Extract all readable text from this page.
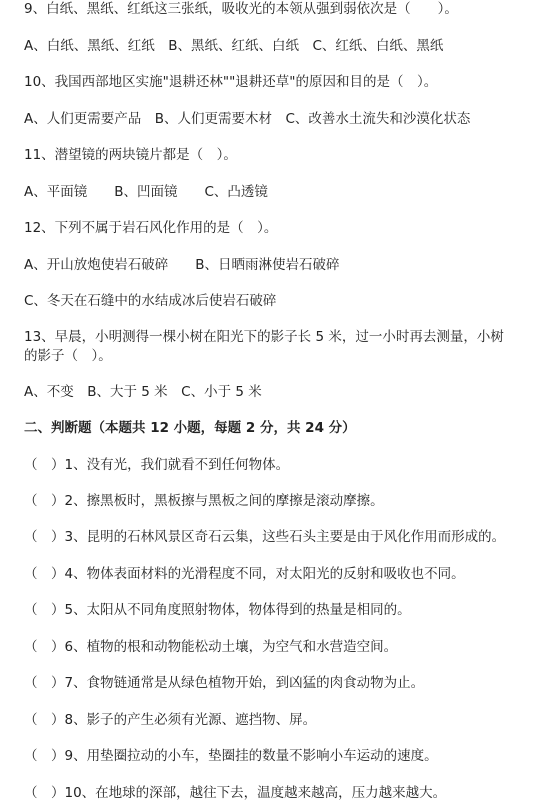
9、白纸、黑纸、红纸这三张纸，吸收光的本领从强到弱依次是（　　）。
A、白纸、黑纸、红纸　B、黑纸、红纸、白纸　C、红纸、白纸、黑纸
10、我国西部地区实施"退耕还林""退耕还草"的原因和目的是（　）。
A、人们更需要产品　B、人们更需要木材　C、改善水土流失和沙漠化状态
11、潜望镜的两块镜片都是（　）。
A、平面镜　　B、凹面镜　　C、凸透镜
12、下列不属于岩石风化作用的是（　）。
A、开山放炮使岩石破碎　　B、日晒雨淋使岩石破碎
C、冬天在石缝中的水结成冰后使岩石破碎
13、早晨，小明测得一棵小树在阳光下的影子长 5 米，过一小时再去测量，小树的影子（　）。
A、不变　B、大于 5 米　C、小于 5 米
二、判断题（本题共 12 小题，每题 2 分，共 24 分）
（　）1、没有光，我们就看不到任何物体。
（　）2、擦黑板时，黑板擦与黑板之间的摩擦是滚动摩擦。
（　）3、昆明的石林风景区奇石云集，这些石头主要是由于风化作用而形成的。
（　）4、物体表面材料的光滑程度不同，对太阳光的反射和吸收也不同。
（　）5、太阳从不同角度照射物体，物体得到的热量是相同的。
（　）6、植物的根和动物能松动土壤，为空气和水营造空间。
（　）7、食物链通常是从绿色植物开始，到凶猛的肉食动物为止。
（　）8、影子的产生必须有光源、遮挡物、屏。
（　）9、用垫圈拉动的小车，垫圈挂的数量不影响小车运动的速度。
（　）10、在地球的深部，越往下去，温度越来越高，压力越来越大。
